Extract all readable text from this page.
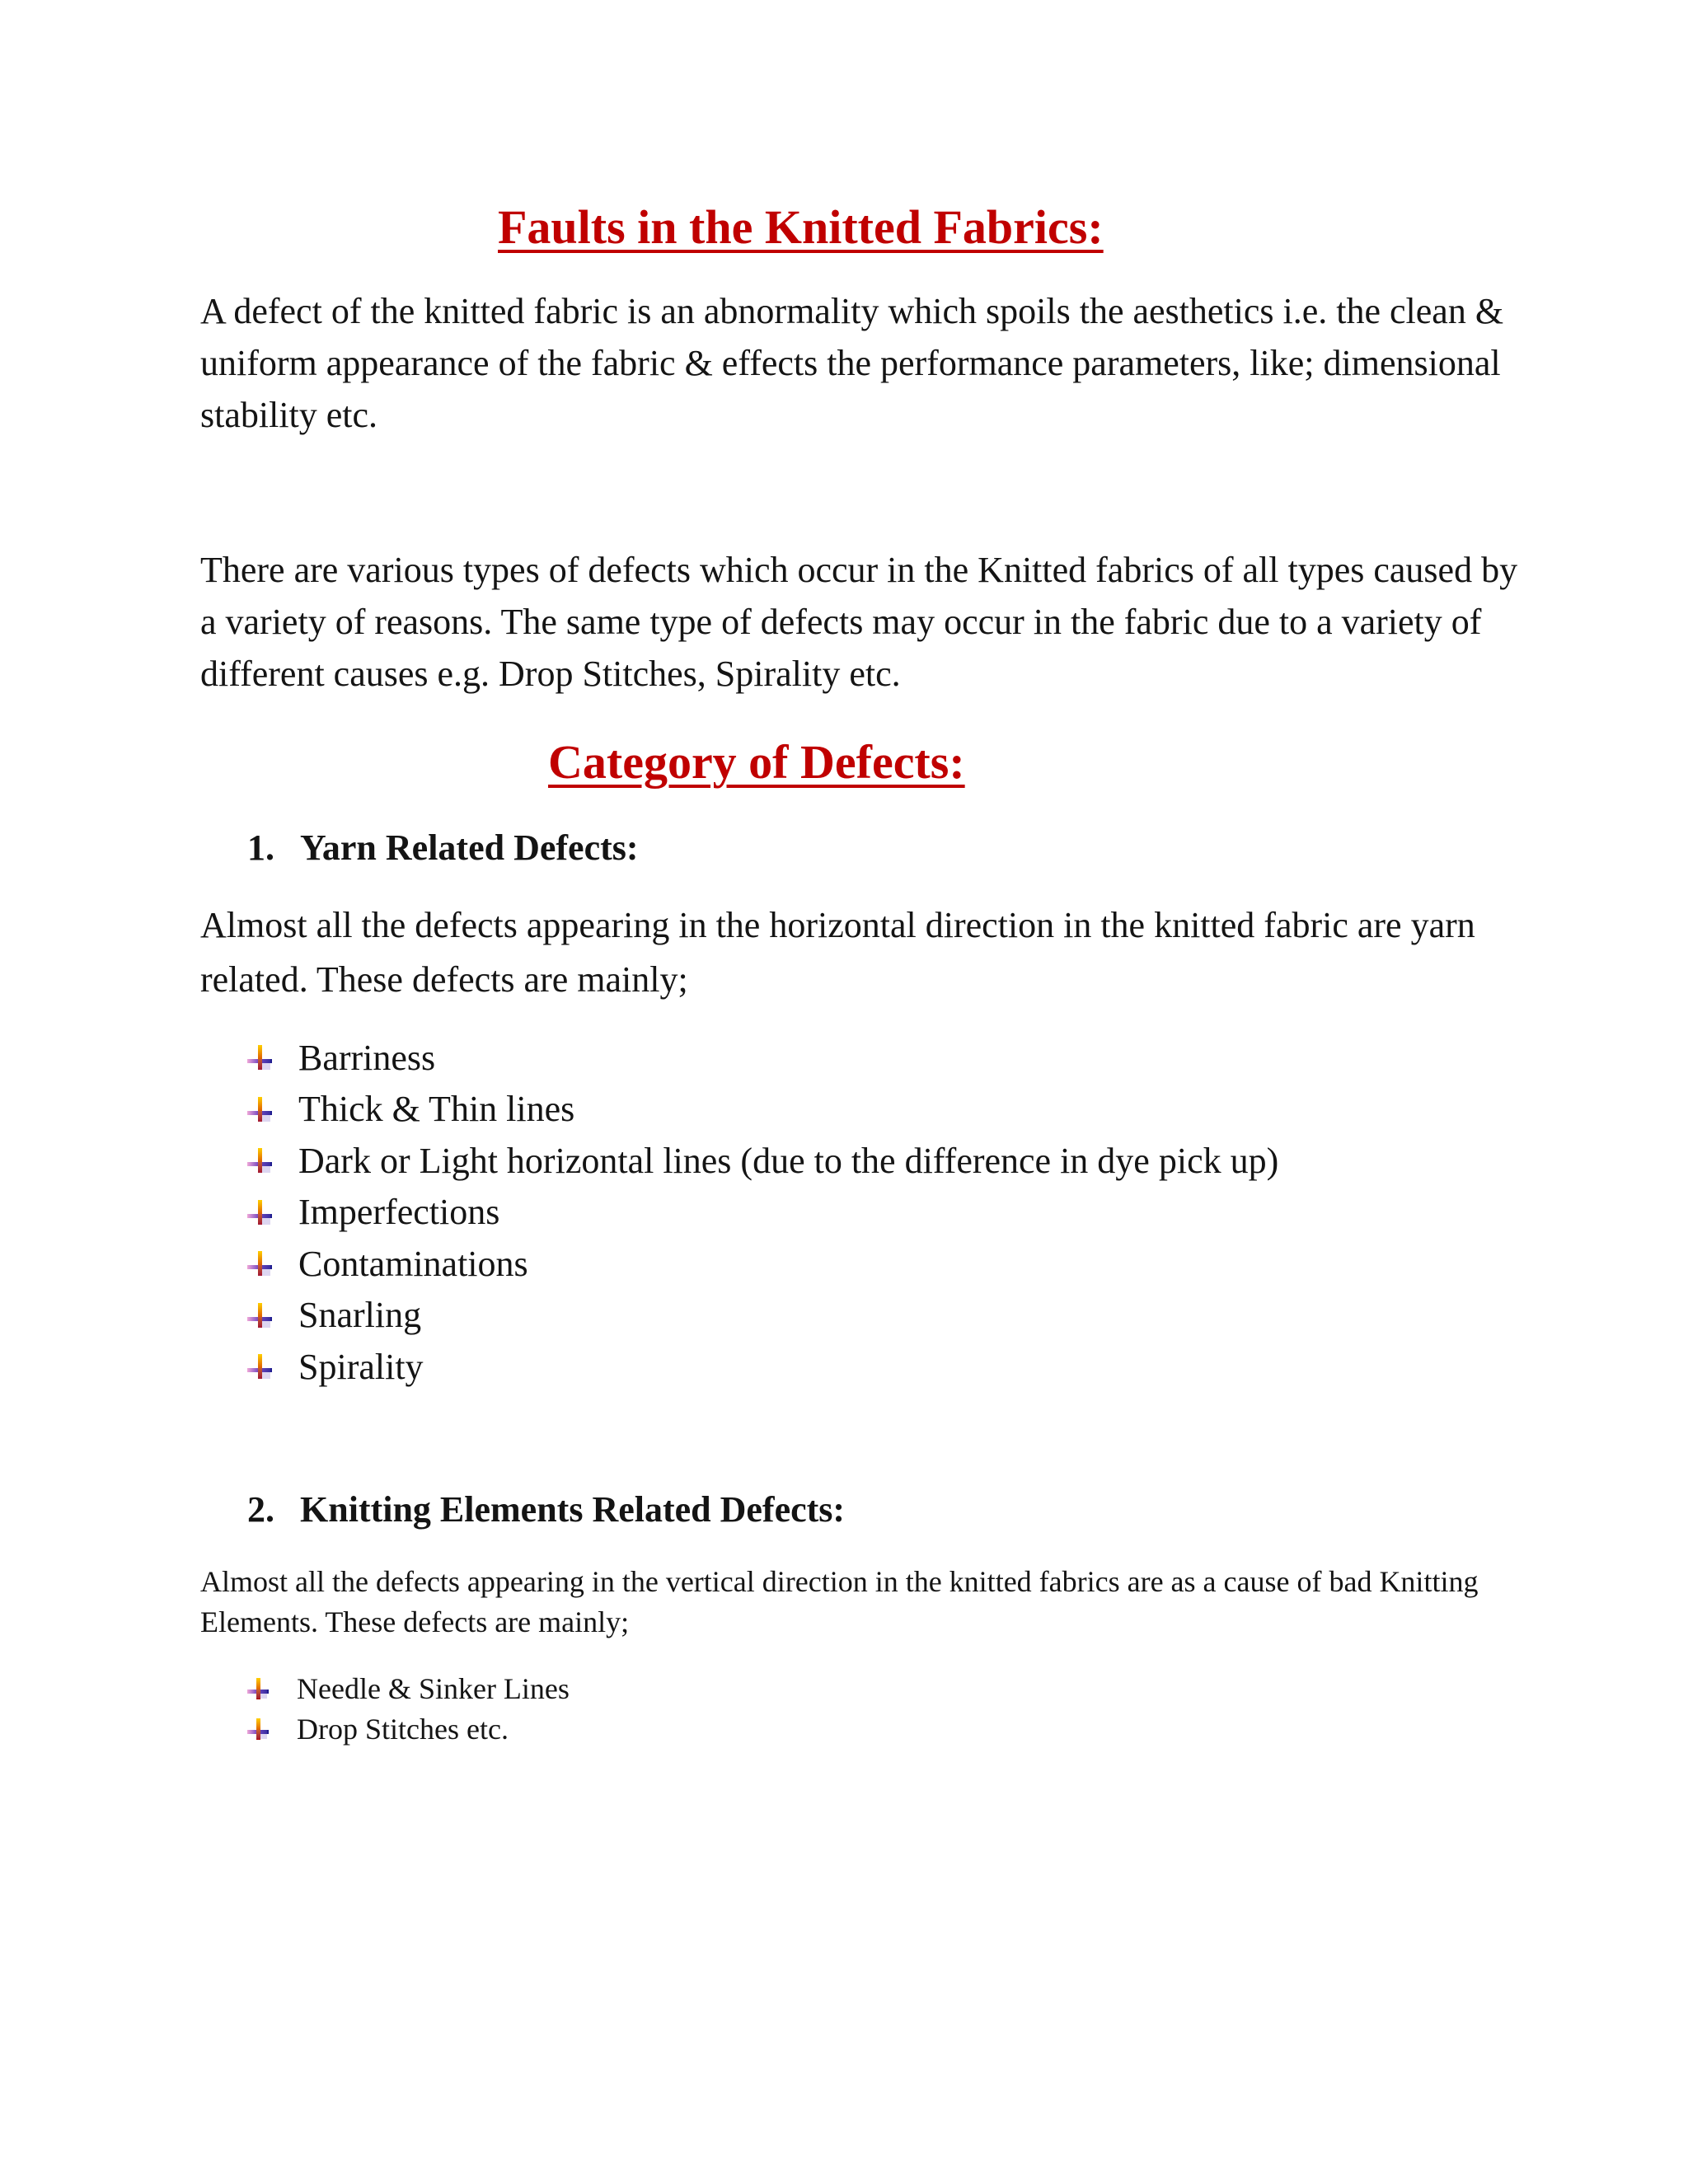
Faults in the Knitted Fabrics:

A defect of the knitted fabric is an abnormality which spoils the aesthetics i.e. the clean & uniform appearance of the fabric & effects the performance parameters, like; dimensional stability etc.

There are various types of defects which occur in the Knitted fabrics of all types caused by a variety of reasons. The same type of defects may occur in the fabric due to a variety of different causes e.g. Drop Stitches, Spirality etc.

Category of Defects:
1. Yarn Related Defects:

Almost all the defects appearing in the horizontal direction in the knitted fabric are yarn related. These defects are mainly;

Barriness
Thick & Thin lines
Dark or Light horizontal lines (due to the difference in dye pick up)
Imperfections
Contaminations
Snarling
Spirality
2. Knitting Elements Related Defects:

Almost all the defects appearing in the vertical direction in the knitted fabrics are as a cause of bad Knitting Elements. These defects are mainly;

Needle & Sinker Lines
Drop Stitches etc.
